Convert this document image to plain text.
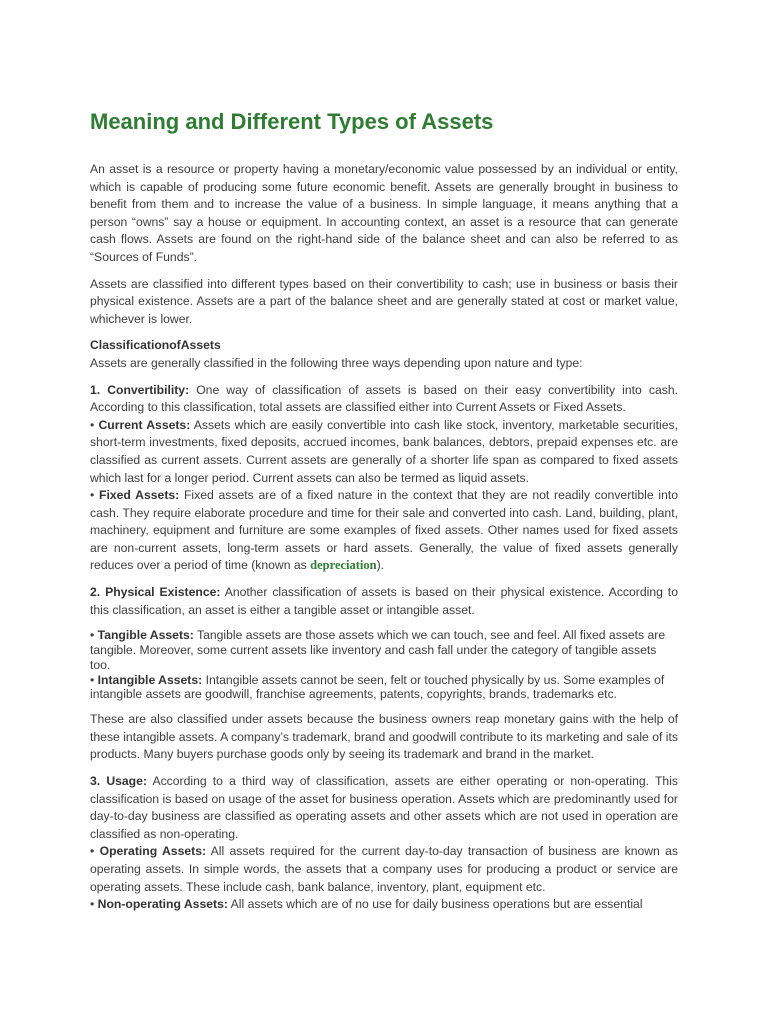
Meaning and Different Types of Assets

An asset is a resource or property having a monetary/economic value possessed by an individual or entity, which is capable of producing some future economic benefit. Assets are generally brought in business to benefit from them and to increase the value of a business. In simple language, it means anything that a person “owns” say a house or equipment. In accounting context, an asset is a resource that can generate cash flows. Assets are found on the right-hand side of the balance sheet and can also be referred to as “Sources of Funds”.

Assets are classified into different types based on their convertibility to cash; use in business or basis their physical existence. Assets are a part of the balance sheet and are generally stated at cost or market value, whichever is lower.

ClassificationofAssets
Assets are generally classified in the following three ways depending upon nature and type:

1. Convertibility: One way of classification of assets is based on their easy convertibility into cash. According to this classification, total assets are classified either into Current Assets or Fixed Assets.
• Current Assets: Assets which are easily convertible into cash like stock, inventory, marketable securities, short-term investments, fixed deposits, accrued incomes, bank balances, debtors, prepaid expenses etc. are classified as current assets. Current assets are generally of a shorter life span as compared to fixed assets which last for a longer period. Current assets can also be termed as liquid assets.
• Fixed Assets: Fixed assets are of a fixed nature in the context that they are not readily convertible into cash. They require elaborate procedure and time for their sale and converted into cash. Land, building, plant, machinery, equipment and furniture are some examples of fixed assets. Other names used for fixed assets are non-current assets, long-term assets or hard assets. Generally, the value of fixed assets generally reduces over a period of time (known as depreciation).

2. Physical Existence: Another classification of assets is based on their physical existence. According to this classification, an asset is either a tangible asset or intangible asset.

• Tangible Assets: Tangible assets are those assets which we can touch, see and feel. All fixed assets are tangible. Moreover, some current assets like inventory and cash fall under the category of tangible assets too.
• Intangible Assets: Intangible assets cannot be seen, felt or touched physically by us. Some examples of intangible assets are goodwill, franchise agreements, patents, copyrights, brands, trademarks etc.

These are also classified under assets because the business owners reap monetary gains with the help of these intangible assets. A company’s trademark, brand and goodwill contribute to its marketing and sale of its products. Many buyers purchase goods only by seeing its trademark and brand in the market.

3. Usage: According to a third way of classification, assets are either operating or non-operating. This classification is based on usage of the asset for business operation. Assets which are predominantly used for day-to-day business are classified as operating assets and other assets which are not used in operation are classified as non-operating.
• Operating Assets: All assets required for the current day-to-day transaction of business are known as operating assets. In simple words, the assets that a company uses for producing a product or service are operating assets. These include cash, bank balance, inventory, plant, equipment etc.
• Non-operating Assets: All assets which are of no use for daily business operations but are essential
